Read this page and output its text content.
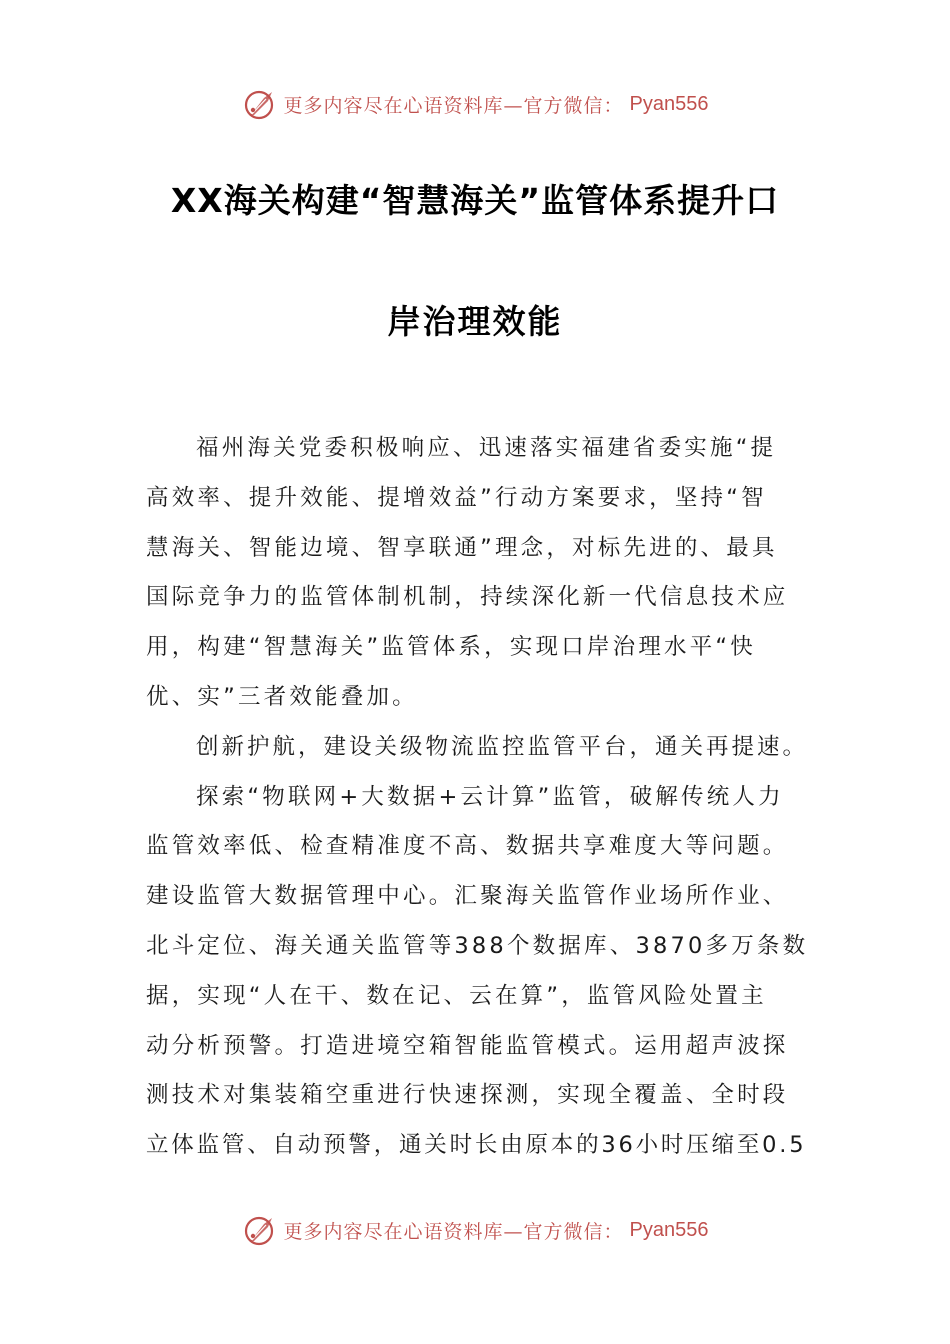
更多内容尽在心语资料库—官方微信： Pyan556
XX海关构建“智慧海关”监管体系提升口
岸治理效能
福州海关党委积极响应、迅速落实福建省委实施“提
高效率、提升效能、提增效益”行动方案要求，坚持“智
慧海关、智能边境、智享联通”理念，对标先进的、最具
国际竞争力的监管体制机制，持续深化新一代信息技术应
用，构建“智慧海关”监管体系，实现口岸治理水平“快
优、实”三者效能叠加。
创新护航，建设关级物流监控监管平台，通关再提速。
探索“物联网+大数据+云计算”监管，破解传统人力
监管效率低、检查精准度不高、数据共享难度大等问题。
建设监管大数据管理中心。汇聚海关监管作业场所作业、
北斗定位、海关通关监管等388个数据库、3870多万条数
据，实现“人在干、数在记、云在算”，监管风险处置主
动分析预警。打造进境空箱智能监管模式。运用超声波探
测技术对集装箱空重进行快速探测，实现全覆盖、全时段
立体监管、自动预警，通关时长由原本的36小时压缩至0.5
更多内容尽在心语资料库—官方微信： Pyan556
